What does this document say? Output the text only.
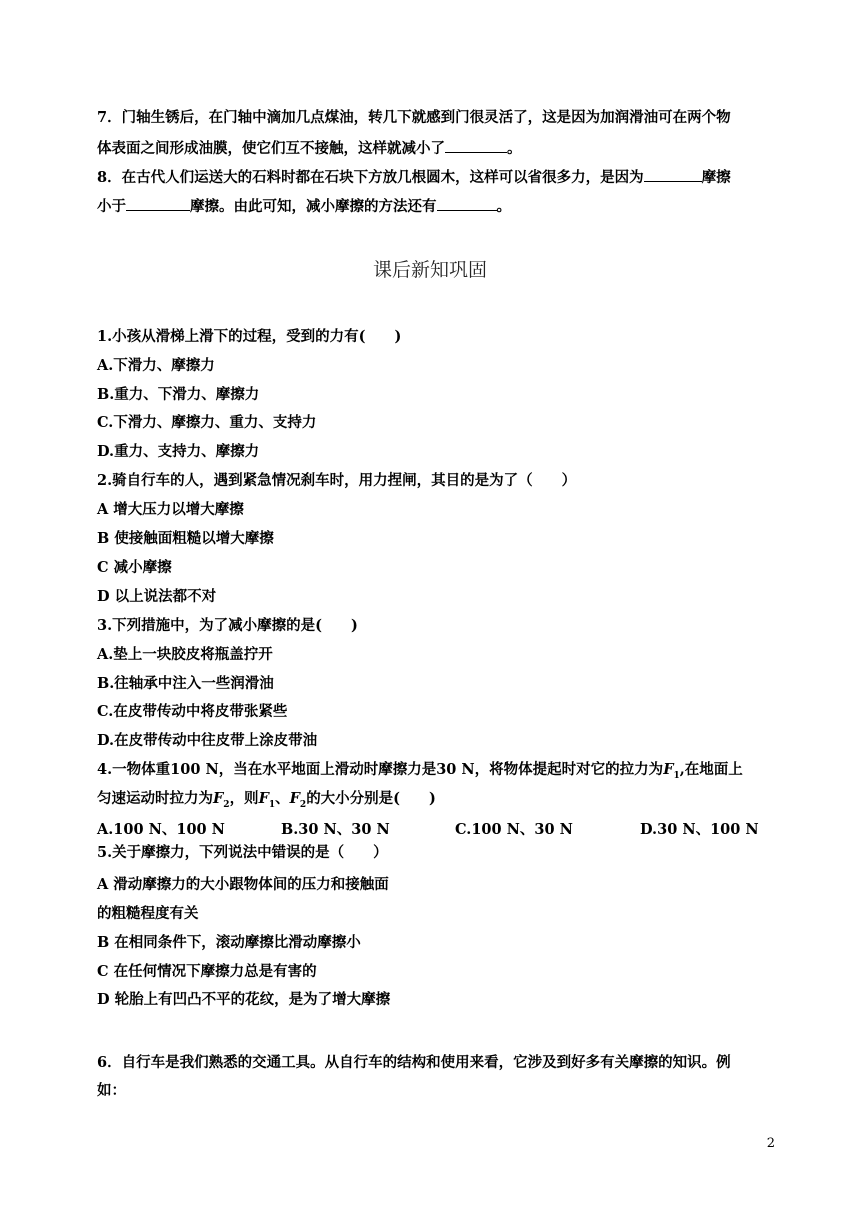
7．门轴生锈后，在门轴中滴加几点煤油，转几下就感到门很灵活了，这是因为加润滑油可在两个物
体表面之间形成油膜，使它们互不接触，这样就减小了	。
8．在古代人们运送大的石料时都在石块下方放几根圆木，这样可以省很多力，是因为	摩擦
小于	摩擦。由此可知，减小摩擦的方法还有	。
课后新知巩固
1.小孩从滑梯上滑下的过程，受到的力有(　　)
A.下滑力、摩擦力
B.重力、下滑力、摩擦力
C.下滑力、摩擦力、重力、支持力
D.重力、支持力、摩擦力
2.骑自行车的人，遇到紧急情况刹车时，用力捏闸，其目的是为了（　　）
A 增大压力以增大摩擦
B 使接触面粗糙以增大摩擦
C 减小摩擦
D 以上说法都不对
3.下列措施中，为了减小摩擦的是(　　)
A.垫上一块胶皮将瓶盖拧开
B.往轴承中注入一些润滑油
C.在皮带传动中将皮带张紧些
D.在皮带传动中往皮带上涂皮带油
4.一物体重100 N，当在水平地面上滑动时摩擦力是30 N，将物体提起时对它的拉力为$F_1$,在地面上
匀速运动时拉力为$F_2$，则$F_1$、$F_2$的大小分别是(　　)
A.100 N、100 N	B.30 N、30 N	C.100 N、30 N	D.30 N、100 N
5.关于摩擦力，下列说法中错误的是（　　）
A 滑动摩擦力的大小跟物体间的压力和接触面
的粗糙程度有关
B 在相同条件下，滚动摩擦比滑动摩擦小
C 在任何情况下摩擦力总是有害的
D 轮胎上有凹凸不平的花纹，是为了增大摩擦
6．自行车是我们熟悉的交通工具。从自行车的结构和使用来看，它涉及到好多有关摩擦的知识。例
如：
2
